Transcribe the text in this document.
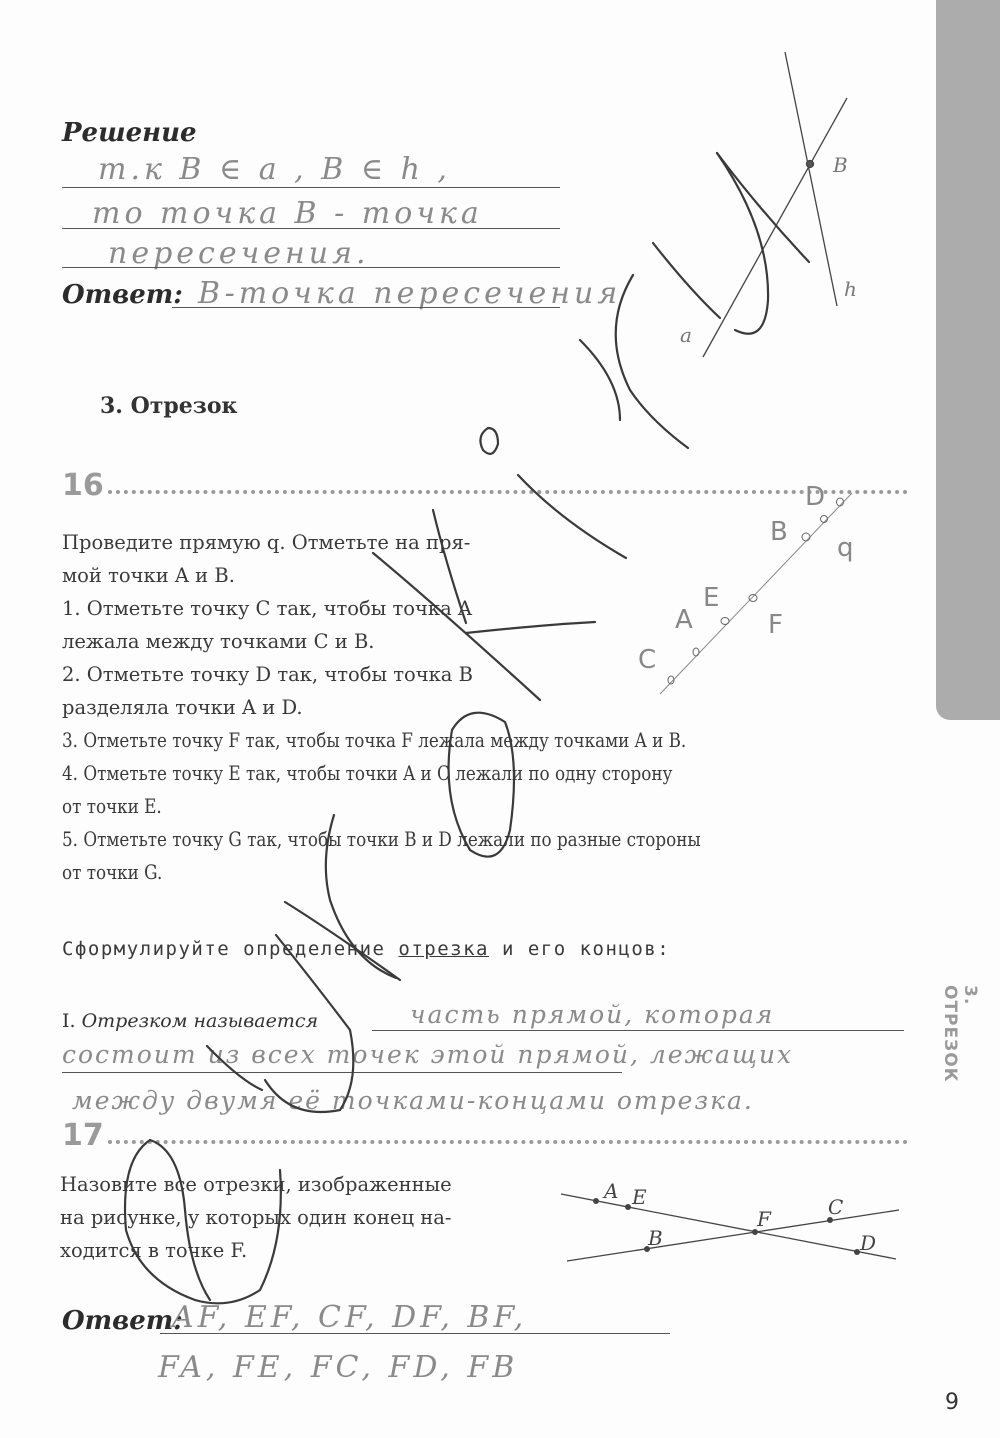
3. ОТРЕЗОК
9
Решение
т.к B ∈ a , B ∈ h ,
то точка B - точка
пересечения.
Ответ: B-точка пересечения
3. Отрезок
16
Проведите прямую q. Отметьте на пря-
мой точки A и B.
1. Отметьте точку C так, чтобы точка A
лежала между точками C и B.
2. Отметьте точку D так, чтобы точка B
разделяла точки A и D.
3. Отметьте точку F так, чтобы точка F лежала между точками A и B.
4. Отметьте точку E так, чтобы точки A и C лежали по одну сторону
от точки E.
5. Отметьте точку G так, чтобы точки B и D лежали по разные стороны
от точки G.
Сформулируйте определение отрезка и его концов:
I. Отрезком называется	часть прямой, которая
состоит из всех точек этой прямой, лежащих
между двумя её точками-концами отрезка.
17
Назовите все отрезки, изображенные
на рисунке, у которых один конец на-
ходится в точке F.
Ответ:
AF, EF, CF, DF, BF,
FA, FE, FC, FD, FB
B
h
a
C
A
E
F
B
D
q
A E
F	C
B	D
